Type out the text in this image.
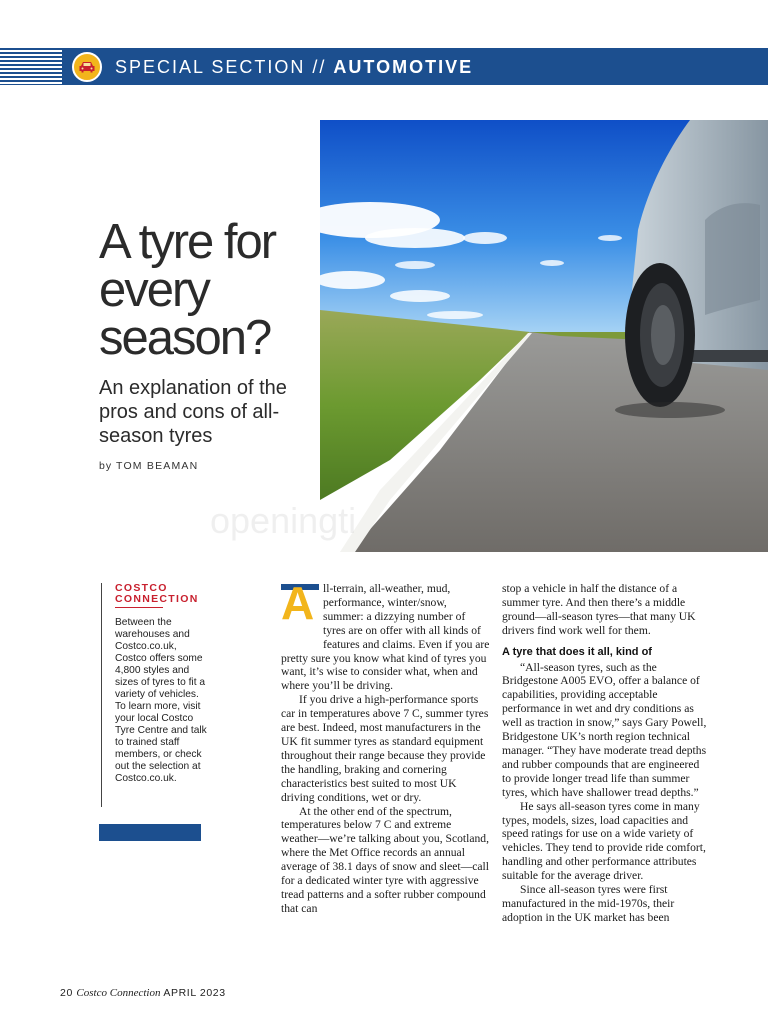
SPECIAL SECTION // AUTOMOTIVE
A tyre for every season?
An explanation of the pros and cons of all-season tyres
by TOM BEAMAN
openingti
COSTCO CONNECTION

Between the warehouses and Costco.co.uk, Costco offers some 4,800 styles and sizes of tyres to fit a variety of vehicles. To learn more, visit your local Costco Tyre Centre and talk to trained staff members, or check out the selection at Costco.co.uk.

A ll-terrain, all-weather, mud, performance, winter/snow, summer: a dizzying number of tyres are on offer with all kinds of features and claims. Even if you are pretty sure you know what kind of tyres you want, it’s wise to consider what, when and where you’ll be driving.

If you drive a high-performance sports car in temperatures above 7 C, summer tyres are best. Indeed, most manufacturers in the UK fit summer tyres as standard equipment throughout their range because they provide the handling, braking and cornering characteristics best suited to most UK driving conditions, wet or dry.

At the other end of the spectrum, temperatures below 7 C and extreme weather—we’re talking about you, Scotland, where the Met Office records an annual average of 38.1 days of snow and sleet—call for a dedicated winter tyre with aggressive tread patterns and a softer rubber compound that can

stop a vehicle in half the distance of a summer tyre. And then there’s a middle ground—all-season tyres—that many UK drivers find work well for them.

A tyre that does it all, kind of

“All-season tyres, such as the Bridgestone A005 EVO, offer a balance of capabilities, providing acceptable performance in wet and dry conditions as well as traction in snow,” says Gary Powell, Bridgestone UK’s north region technical manager. “They have moderate tread depths and rubber compounds that are engineered to provide longer tread life than summer tyres, which have shallower tread depths.”

He says all-season tyres come in many types, models, sizes, load capacities and speed ratings for use on a wide variety of vehicles. They tend to provide ride comfort, handling and other performance attributes suitable for the average driver.

Since all-season tyres were first manufactured in the mid-1970s, their adoption in the UK market has been

20 Costco Connection APRIL 2023
